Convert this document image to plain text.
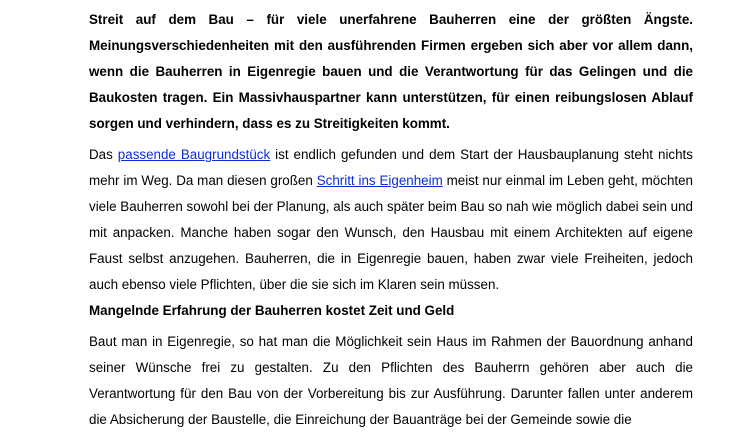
Streit auf dem Bau – für viele unerfahrene Bauherren eine der größten Ängste. Meinungsverschiedenheiten mit den ausführenden Firmen ergeben sich aber vor allem dann, wenn die Bauherren in Eigenregie bauen und die Verantwortung für das Gelingen und die Baukosten tragen. Ein Massivhauspartner kann unterstützen, für einen reibungslosen Ablauf sorgen und verhindern, dass es zu Streitigkeiten kommt.

Das passende Baugrundstück ist endlich gefunden und dem Start der Hausbauplanung steht nichts mehr im Weg. Da man diesen großen Schritt ins Eigenheim meist nur einmal im Leben geht, möchten viele Bauherren sowohl bei der Planung, als auch später beim Bau so nah wie möglich dabei sein und mit anpacken. Manche haben sogar den Wunsch, den Hausbau mit einem Architekten auf eigene Faust selbst anzugehen. Bauherren, die in Eigenregie bauen, haben zwar viele Freiheiten, jedoch auch ebenso viele Pflichten, über die sie sich im Klaren sein müssen.

Mangelnde Erfahrung der Bauherren kostet Zeit und Geld

Baut man in Eigenregie, so hat man die Möglichkeit sein Haus im Rahmen der Bauordnung anhand seiner Wünsche frei zu gestalten. Zu den Pflichten des Bauherrn gehören aber auch die Verantwortung für den Bau von der Vorbereitung bis zur Ausführung. Darunter fallen unter anderem die Absicherung der Baustelle, die Einreichung der Bauanträge bei der Gemeinde sowie die
